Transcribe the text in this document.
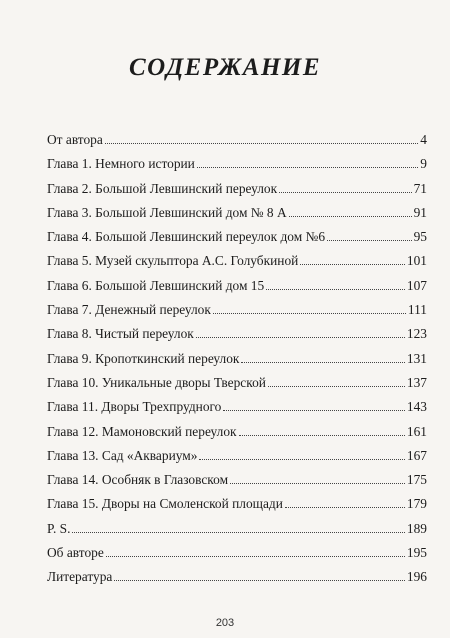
СОДЕРЖАНИЕ
От автора	4
Глава 1. Немного истории	9
Глава 2. Большой Левшинский переулок	71
Глава 3. Большой Левшинский дом № 8 А	91
Глава 4. Большой Левшинский переулок дом №6	95
Глава 5. Музей скульптора А.С. Голубкиной	101
Глава 6. Большой Левшинский дом 15	107
Глава 7. Денежный переулок	111
Глава 8. Чистый переулок	123
Глава 9. Кропоткинский переулок	131
Глава 10. Уникальные дворы Тверской	137
Глава 11. Дворы Трехпрудного	143
Глава 12. Мамоновский переулок	161
Глава 13. Сад «Аквариум»	167
Глава 14. Особняк в Глазовском	175
Глава 15. Дворы на Смоленской площади	179
P. S.	189
Об авторе	195
Литература	196
203
